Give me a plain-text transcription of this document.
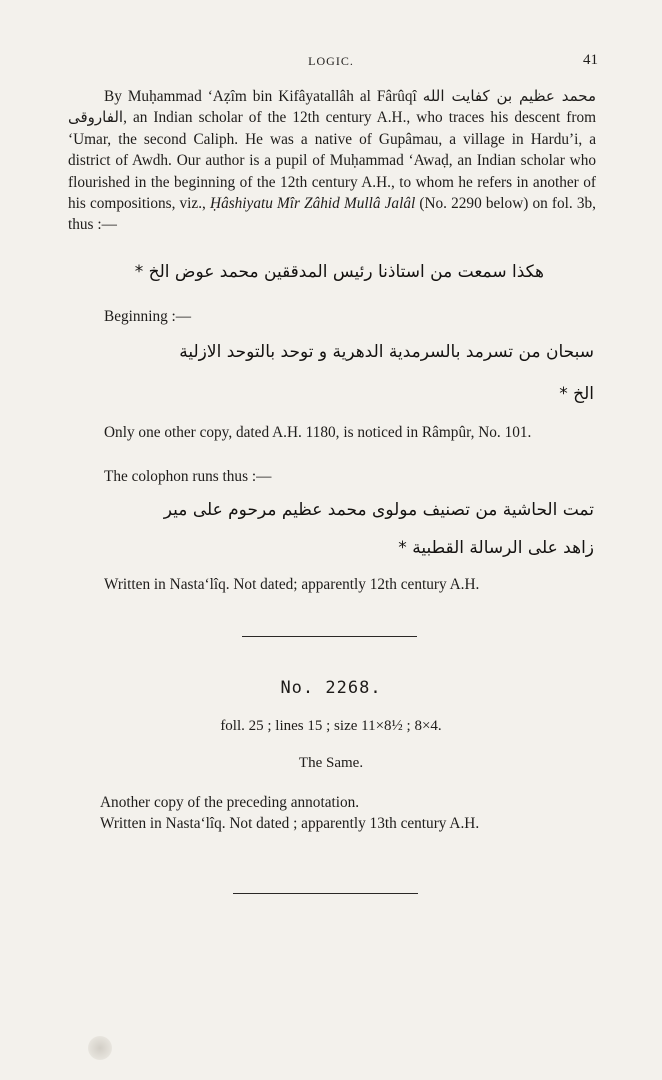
LOGIC.	41
By Muḥammad ‘Aẓîm bin Kifâyatallâh al Fârûqî محمد عظیم بن کفایت الله الفاروقی, an Indian scholar of the 12th century A.H., who traces his descent from ‘Umar, the second Caliph. He was a native of Gupâmau, a village in Hardu’i, a district of Awdh. Our author is a pupil of Muḥammad ‘Awaḍ, an Indian scholar who flourished in the beginning of the 12th century A.H., to whom he refers in another of his compositions, viz., Ḥâshiyatu Mîr Zâhid Mullâ Jalâl (No. 2290 below) on fol. 3b, thus :—
هکذا سمعت من استاذنا رئیس المدققین محمد عوض الخ *
Beginning :—
سبحان من تسرمد بالسرمدیة الدهریة و توحد بالتوحد الازلیة
الخ *
Only one other copy, dated A.H. 1180, is noticed in Râmpûr, No. 101.
The colophon runs thus :—
تمت الحاشیة من تصنیف مولوی محمد عظیم مرحوم علی میر
زاهد علی الرسالة القطبیة *
Written in Nasta‘lîq. Not dated; apparently 12th century A.H.
No. 2268.
foll. 25 ; lines 15 ; size 11×8½ ; 8×4.
The Same.
Another copy of the preceding annotation.
Written in Nasta‘lîq. Not dated ; apparently 13th century A.H.
